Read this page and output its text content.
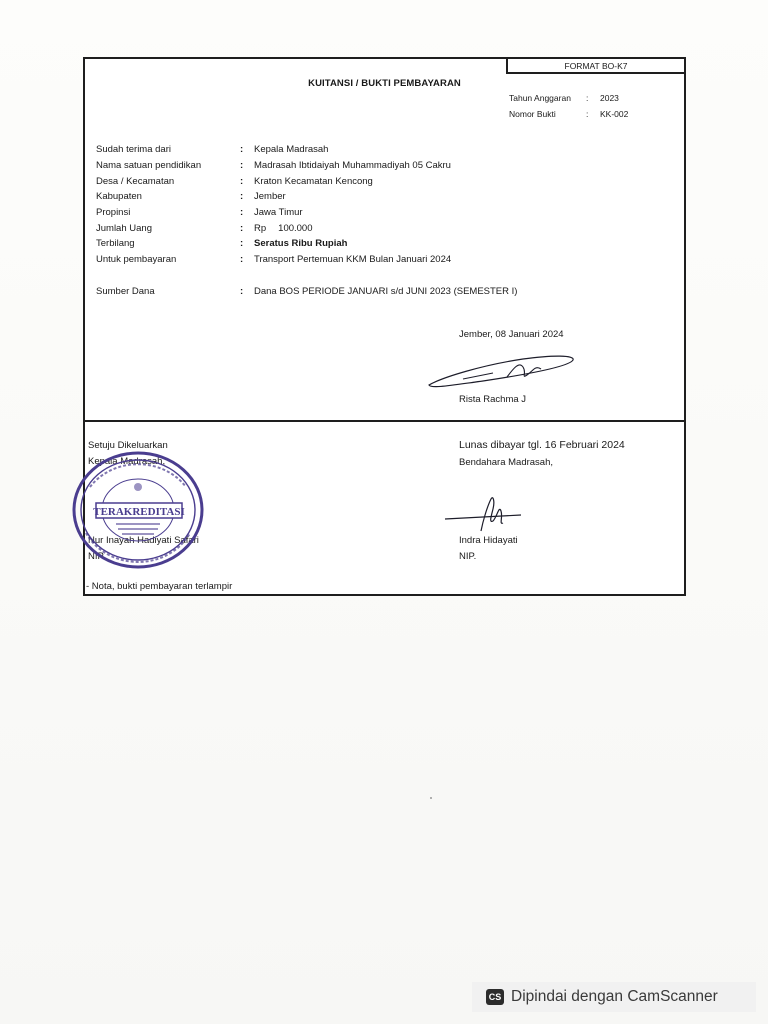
FORMAT BO-K7
KUITANSI / BUKTI PEMBAYARAN
Tahun Anggaran : 2023
Nomor Bukti	: KK-002
Sudah terima dari	:	Kepala Madrasah
Nama satuan pendidikan	:	Madrasah Ibtidaiyah Muhammadiyah 05 Cakru
Desa / Kecamatan	:	Kraton Kecamatan Kencong
Kabupaten	:	Jember
Propinsi	:	Jawa Timur
Jumlah Uang	:	Rp 100.000
Terbilang	:	Seratus Ribu Rupiah
Untuk pembayaran	:	Transport Pertemuan KKM Bulan Januari 2024
Sumber Dana	:	Dana BOS PERIODE JANUARI s/d JUNI 2023 (SEMESTER I)
Jember, 08 Januari 2024
Rista Rachma J
Setuju Dikeluarkan
Kepala Madrasah,
Nur Inayah Hadiyati Safari
NIP.
TERAKREDITASI
Lunas dibayar tgl. 16 Februari 2024
Bendahara Madrasah,
Indra Hidayati
NIP.
- Nota, bukti pembayaran terlampir
CS Dipindai dengan CamScanner
